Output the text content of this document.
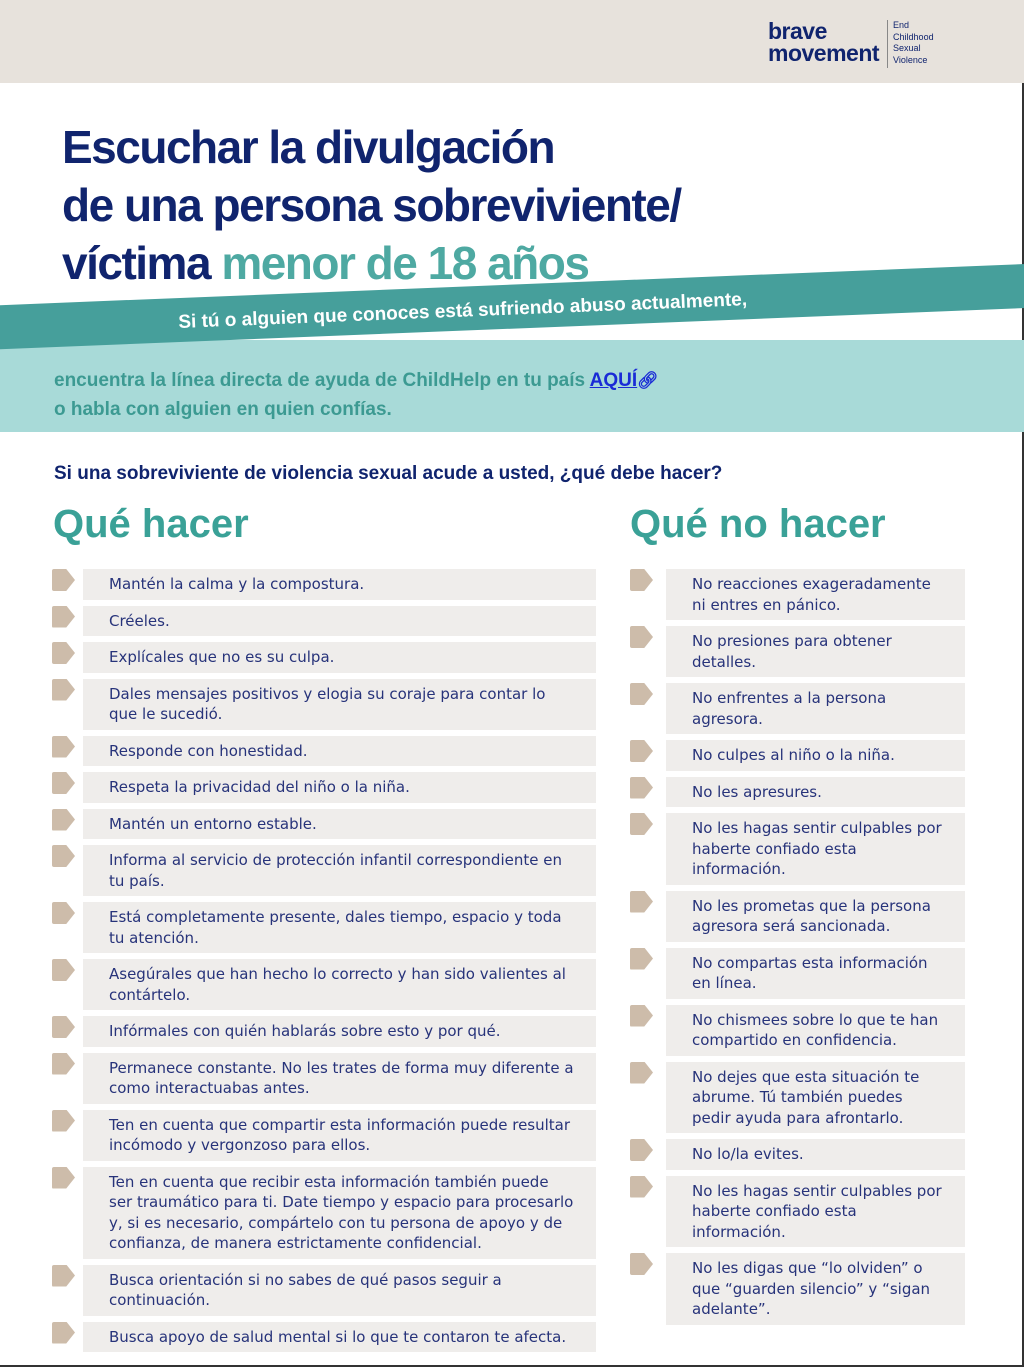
brave
movement
End
Childhood
Sexual
Violence
Escuchar la divulgación
de una persona sobreviviente/
víctima menor de 18 años
Si tú o alguien que conoces está sufriendo abuso actualmente,
encuentra la línea directa de ayuda de ChildHelp en tu país AQUÍ🔗︎
o habla con alguien en quien confías.
Si una sobreviviente de violencia sexual acude a usted, ¿qué debe hacer?
Qué hacer	Qué no hacer
Mantén la calma y la compostura.
Créeles.
Explícales que no es su culpa.
Dales mensajes positivos y elogia su coraje para contar lo que le sucedió.
Responde con honestidad.
Respeta la privacidad del niño o la niña.
Mantén un entorno estable.
Informa al servicio de protección infantil correspondiente en tu país.
Está completamente presente, dales tiempo, espacio y toda tu atención.
Asegúrales que han hecho lo correcto y han sido valientes al contártelo.
Infórmales con quién hablarás sobre esto y por qué.
Permanece constante. No les trates de forma muy diferente a como interactuabas antes.
Ten en cuenta que compartir esta información puede resultar incómodo y vergonzoso para ellos.
Ten en cuenta que recibir esta información también puede ser traumático para ti. Date tiempo y espacio para procesarlo y, si es necesario, compártelo con tu persona de apoyo y de confianza, de manera estrictamente confidencial.
Busca orientación si no sabes de qué pasos seguir a continuación.
Busca apoyo de salud mental si lo que te contaron te afecta.
No reacciones exageradamente ni entres en pánico.
No presiones para obtener detalles.
No enfrentes a la persona agresora.
No culpes al niño o la niña.
No les apresures.
No les hagas sentir culpables por haberte confiado esta información.
No les prometas que la persona agresora será sancionada.
No compartas esta información en línea.
No chismees sobre lo que te han compartido en confidencia.
No dejes que esta situación te abrume. Tú también puedes pedir ayuda para afrontarlo.
No lo/la evites.
No les hagas sentir culpables por haberte confiado esta información.
No les digas que “lo olviden” o que “guarden silencio” y “sigan adelante”.
